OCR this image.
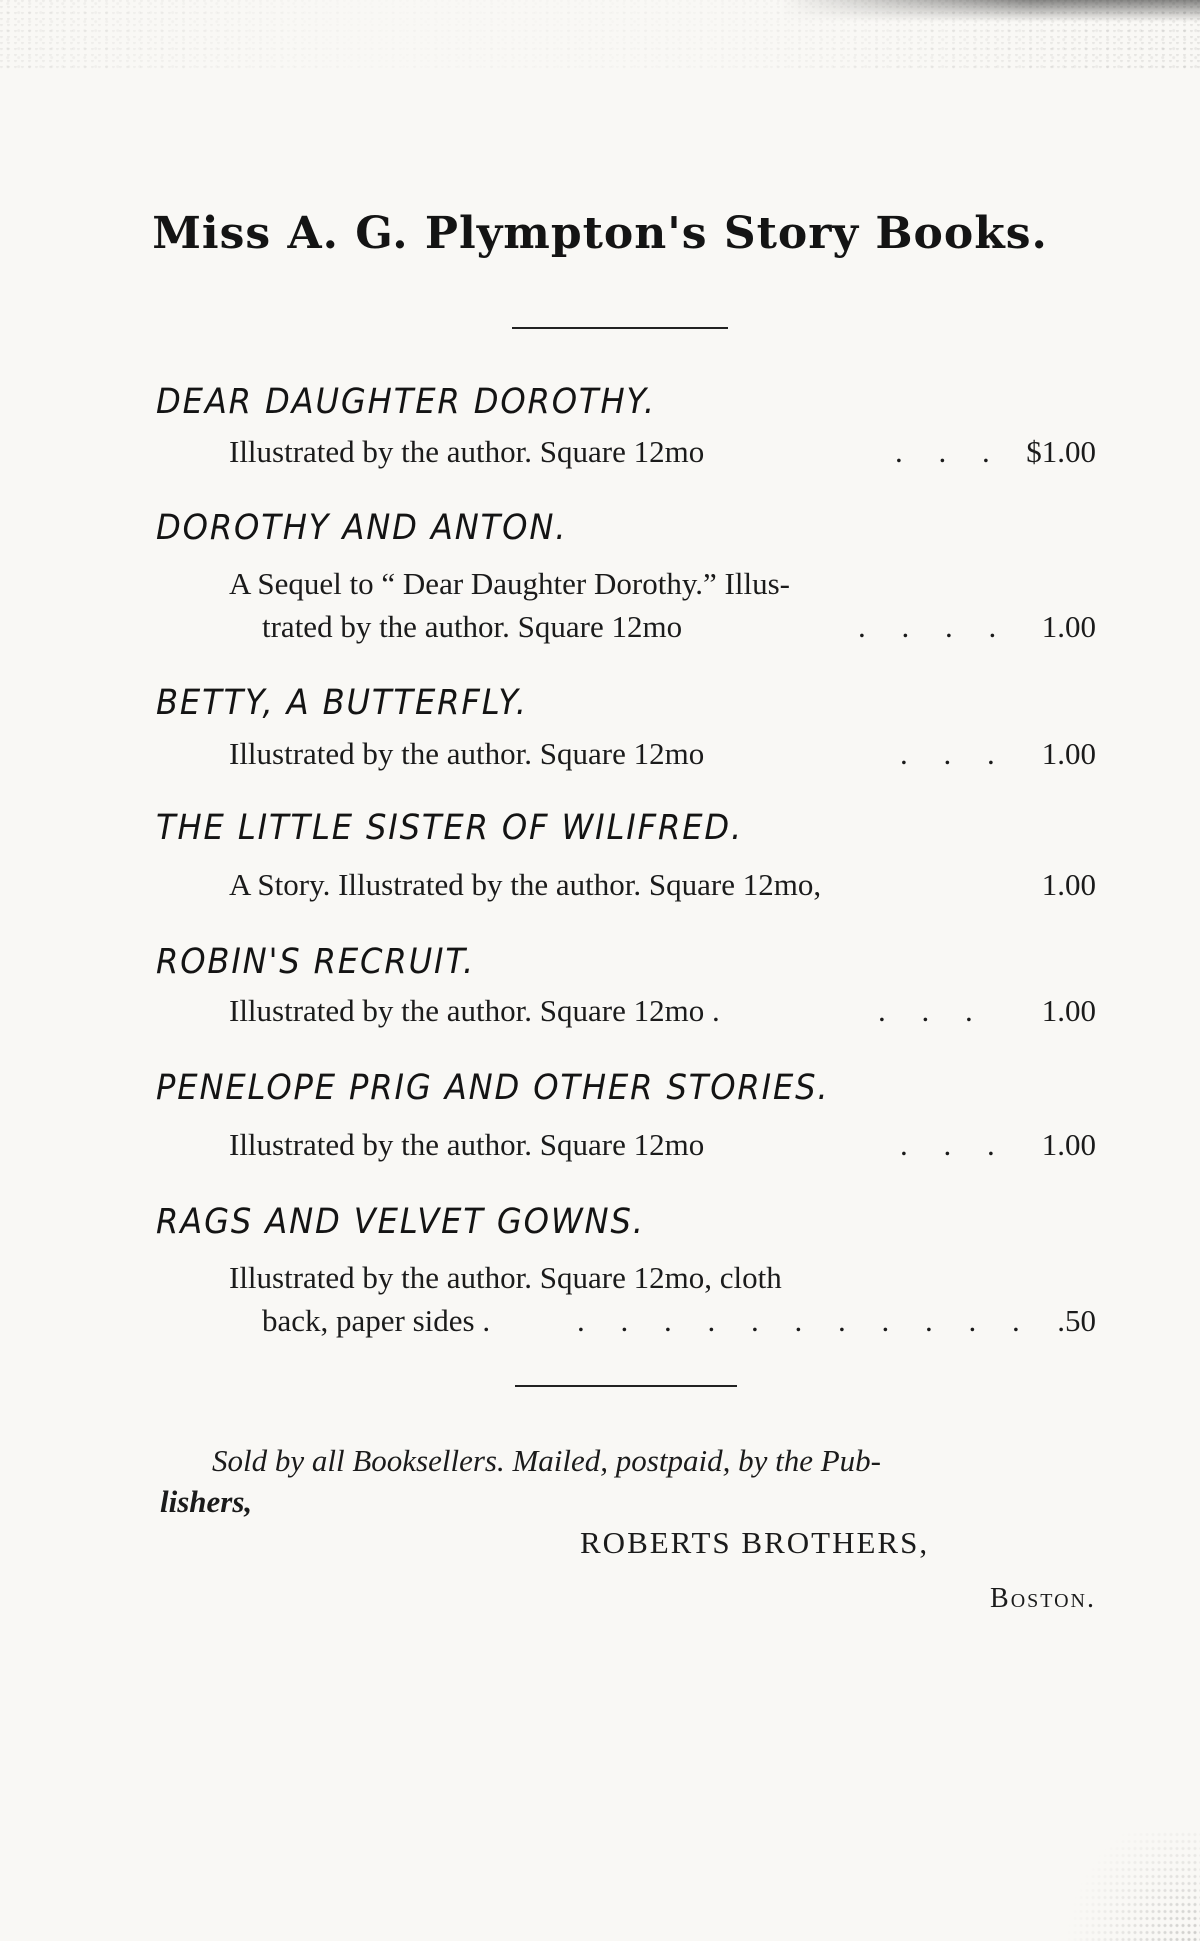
Miss A. G. Plympton's Story Books.
DEAR DAUGHTER DOROTHY.
Illustrated by the author. Square 12mo	. . . $1.00
DOROTHY AND ANTON.
A Sequel to “ Dear Daughter Dorothy.” Illus-
trated by the author. Square 12mo	. . . . 1.00
BETTY, A BUTTERFLY.
Illustrated by the author. Square 12mo	. . . 1.00
THE LITTLE SISTER OF WILIFRED.
A Story. Illustrated by the author. Square 12mo,	1.00
ROBIN'S RECRUIT.
Illustrated by the author. Square 12mo .	. . . 1.00
PENELOPE PRIG AND OTHER STORIES.
Illustrated by the author. Square 12mo	. . . 1.00
RAGS AND VELVET GOWNS.
Illustrated by the author. Square 12mo, cloth
back, paper sides .	. . . . . . . . . . . .50
Sold by all Booksellers. Mailed, postpaid, by the Pub-
lishers,
ROBERTS BROTHERS,
Boston.
